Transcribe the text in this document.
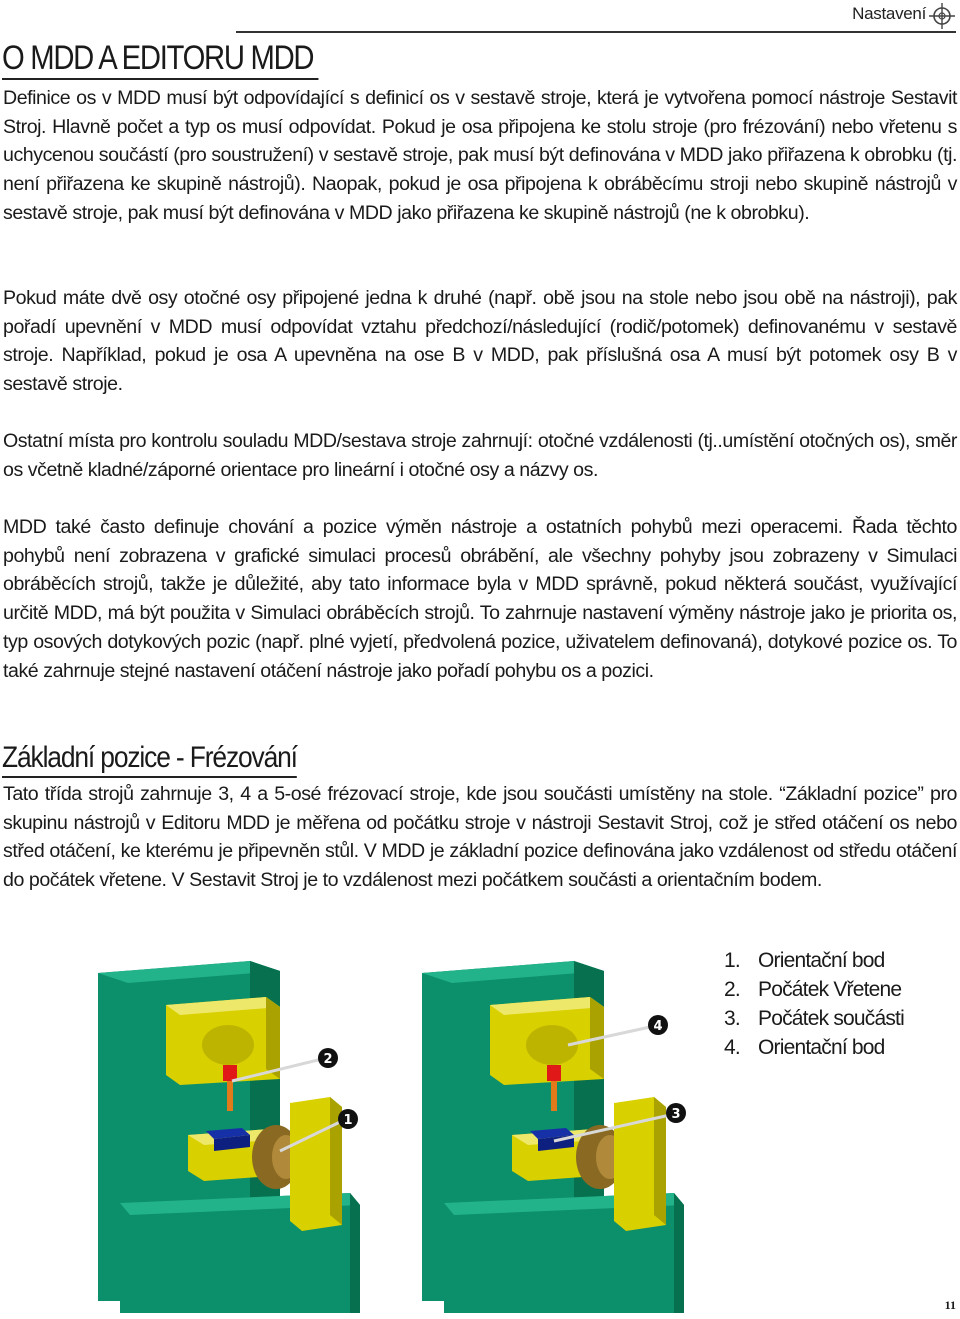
Nastavení
O MDD A EDITORU MDD

Definice os v MDD musí být odpovídající s definicí os v sestavě stroje, která je vytvořena pomocí nástroje Sestavit Stroj. Hlavně počet a typ os musí odpovídat. Pokud je osa připojena ke stolu stroje (pro frézování) nebo vřetenu s uchycenou součástí (pro soustružení) v sestavě stroje, pak musí být definována v MDD jako přiřazena k obrobku (tj. není přiřazena ke skupině nástrojů). Naopak, pokud je osa připojena k obráběcímu stroji nebo skupině nástrojů v sestavě stroje, pak musí být definována v MDD jako přiřazena ke skupině nástrojů (ne k obrobku).

Pokud máte dvě osy otočné osy připojené jedna k druhé (např. obě jsou na stole nebo jsou obě na nástroji), pak pořadí upevnění v MDD musí odpovídat vztahu předchozí/následující (rodič/potomek) definovanému v sestavě stroje. Například, pokud je osa A upevněna na ose B v MDD, pak příslušná osa A musí být potomek osy B v sestavě stroje.

Ostatní místa pro kontrolu souladu MDD/sestava stroje zahrnují: otočné vzdálenosti (tj..umístění otočných os), směr os včetně kladné/záporné orientace pro lineární i otočné osy a názvy os.

MDD také často definuje chování a pozice výměn nástroje a ostatních pohybů mezi operacemi. Řada těchto pohybů není zobrazena v grafické simulaci procesů obrábění, ale všechny pohyby jsou zobrazeny v Simulaci obráběcích strojů, takže je důležité, aby tato informace byla v MDD správně, pokud některá součást, využívající určitě MDD, má být použita v Simulaci obráběcích strojů. To zahrnuje nastavení výměny nástroje jako je priorita os, typ osových dotykových pozic (např. plné vyjetí, předvolená pozice, uživatelem definovaná), dotykové pozice os. To také zahrnuje stejné nastavení otáčení nástroje jako pořadí pohybu os a pozici.

Základní pozice - Frézování

Tato třída strojů zahrnuje 3, 4 a 5-osé frézovací stroje, kde jsou součásti umístěny na stole. “Základní pozice” pro skupinu nástrojů v Editoru MDD je měřena od počátku stroje v nástroji Sestavit Stroj, což je střed otáčení os nebo střed otáčení, ke kterému je připevněn stůl. V MDD je základní pozice definována jako vzdálenost od středu otáčení do počátek vřetene. V Sestavit Stroj je to vzdálenost mezi počátkem součásti a orientačním bodem.

2
1
4
3
1. Orientační bod
2. Počátek Vřetene
3. Počátek součásti
4. Orientační bod
11
